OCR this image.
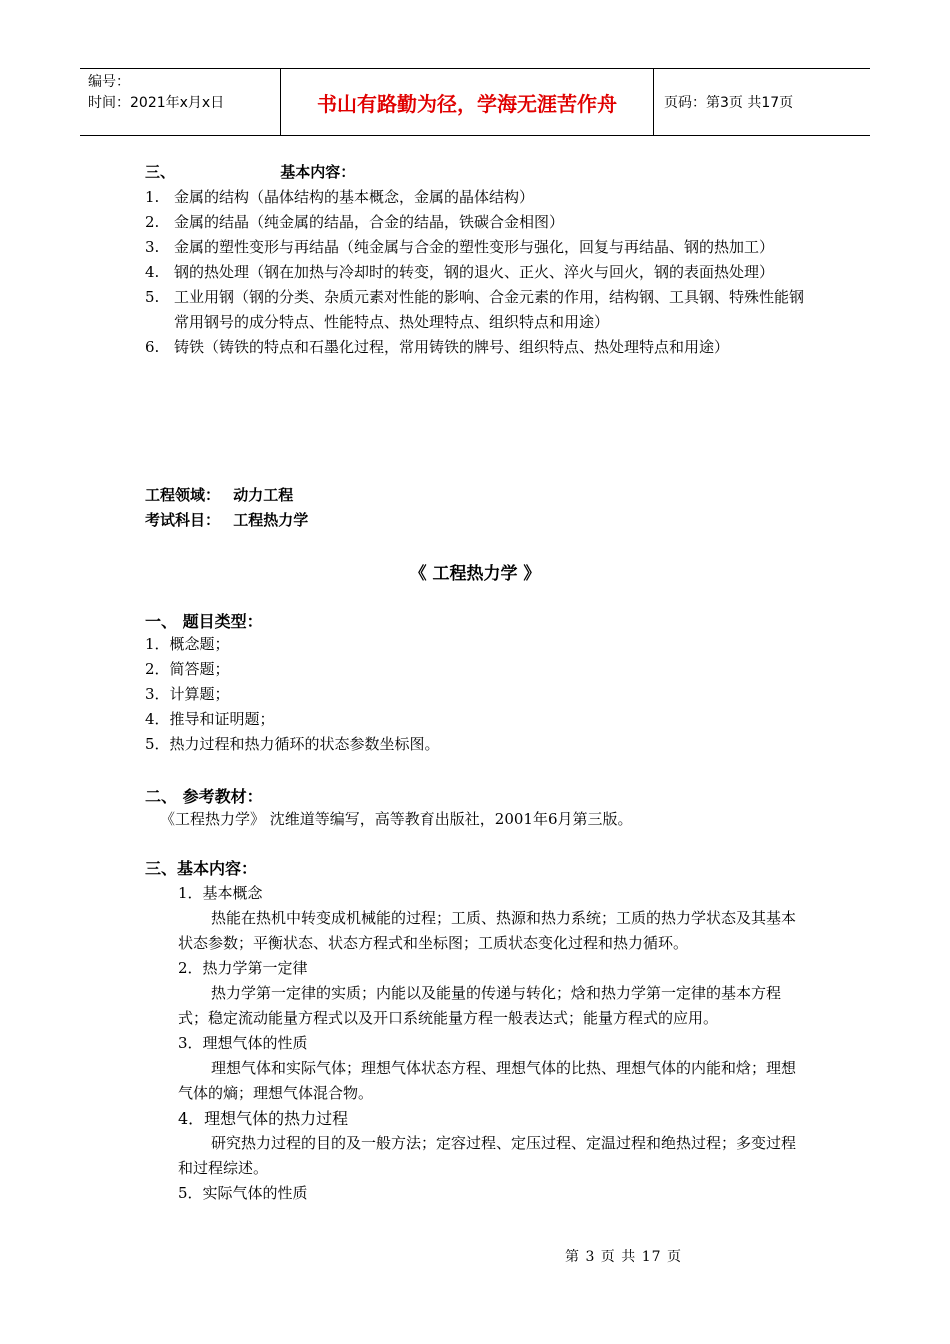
编号：
时间：2021年x月x日	书山有路勤为径，学海无涯苦作舟	页码：第3页 共17页
三、	基本内容：
1. 金属的结构（晶体结构的基本概念，金属的晶体结构）
2. 金属的结晶（纯金属的结晶，合金的结晶，铁碳合金相图）
3. 金属的塑性变形与再结晶（纯金属与合金的塑性变形与强化，回复与再结晶、钢的热加工）
4. 钢的热处理（钢在加热与冷却时的转变，钢的退火、正火、淬火与回火，钢的表面热处理）
5. 工业用钢（钢的分类、杂质元素对性能的影响、合金元素的作用，结构钢、工具钢、特殊性能钢常用钢号的成分特点、性能特点、热处理特点、组织特点和用途）
6. 铸铁（铸铁的特点和石墨化过程，常用铸铁的牌号、组织特点、热处理特点和用途）
工程领域： 动力工程
考试科目： 工程热力学
《 工程热力学 》
一、 题目类型：
1．概念题；
2．简答题；
3．计算题；
4．推导和证明题；
5．热力过程和热力循环的状态参数坐标图。
二、 参考教材：
《工程热力学》 沈维道等编写，高等教育出版社，2001年6月第三版。
三、基本内容：
1．基本概念
热能在热机中转变成机械能的过程；工质、热源和热力系统；工质的热力学状态及其基本状态参数；平衡状态、状态方程式和坐标图；工质状态变化过程和热力循环。
2．热力学第一定律
热力学第一定律的实质；内能以及能量的传递与转化；焓和热力学第一定律的基本方程式；稳定流动能量方程式以及开口系统能量方程一般表达式；能量方程式的应用。
3．理想气体的性质
理想气体和实际气体；理想气体状态方程、理想气体的比热、理想气体的内能和焓；理想气体的熵；理想气体混合物。
4．理想气体的热力过程
研究热力过程的目的及一般方法；定容过程、定压过程、定温过程和绝热过程；多变过程和过程综述。
5．实际气体的性质
第 3 页 共 17 页
